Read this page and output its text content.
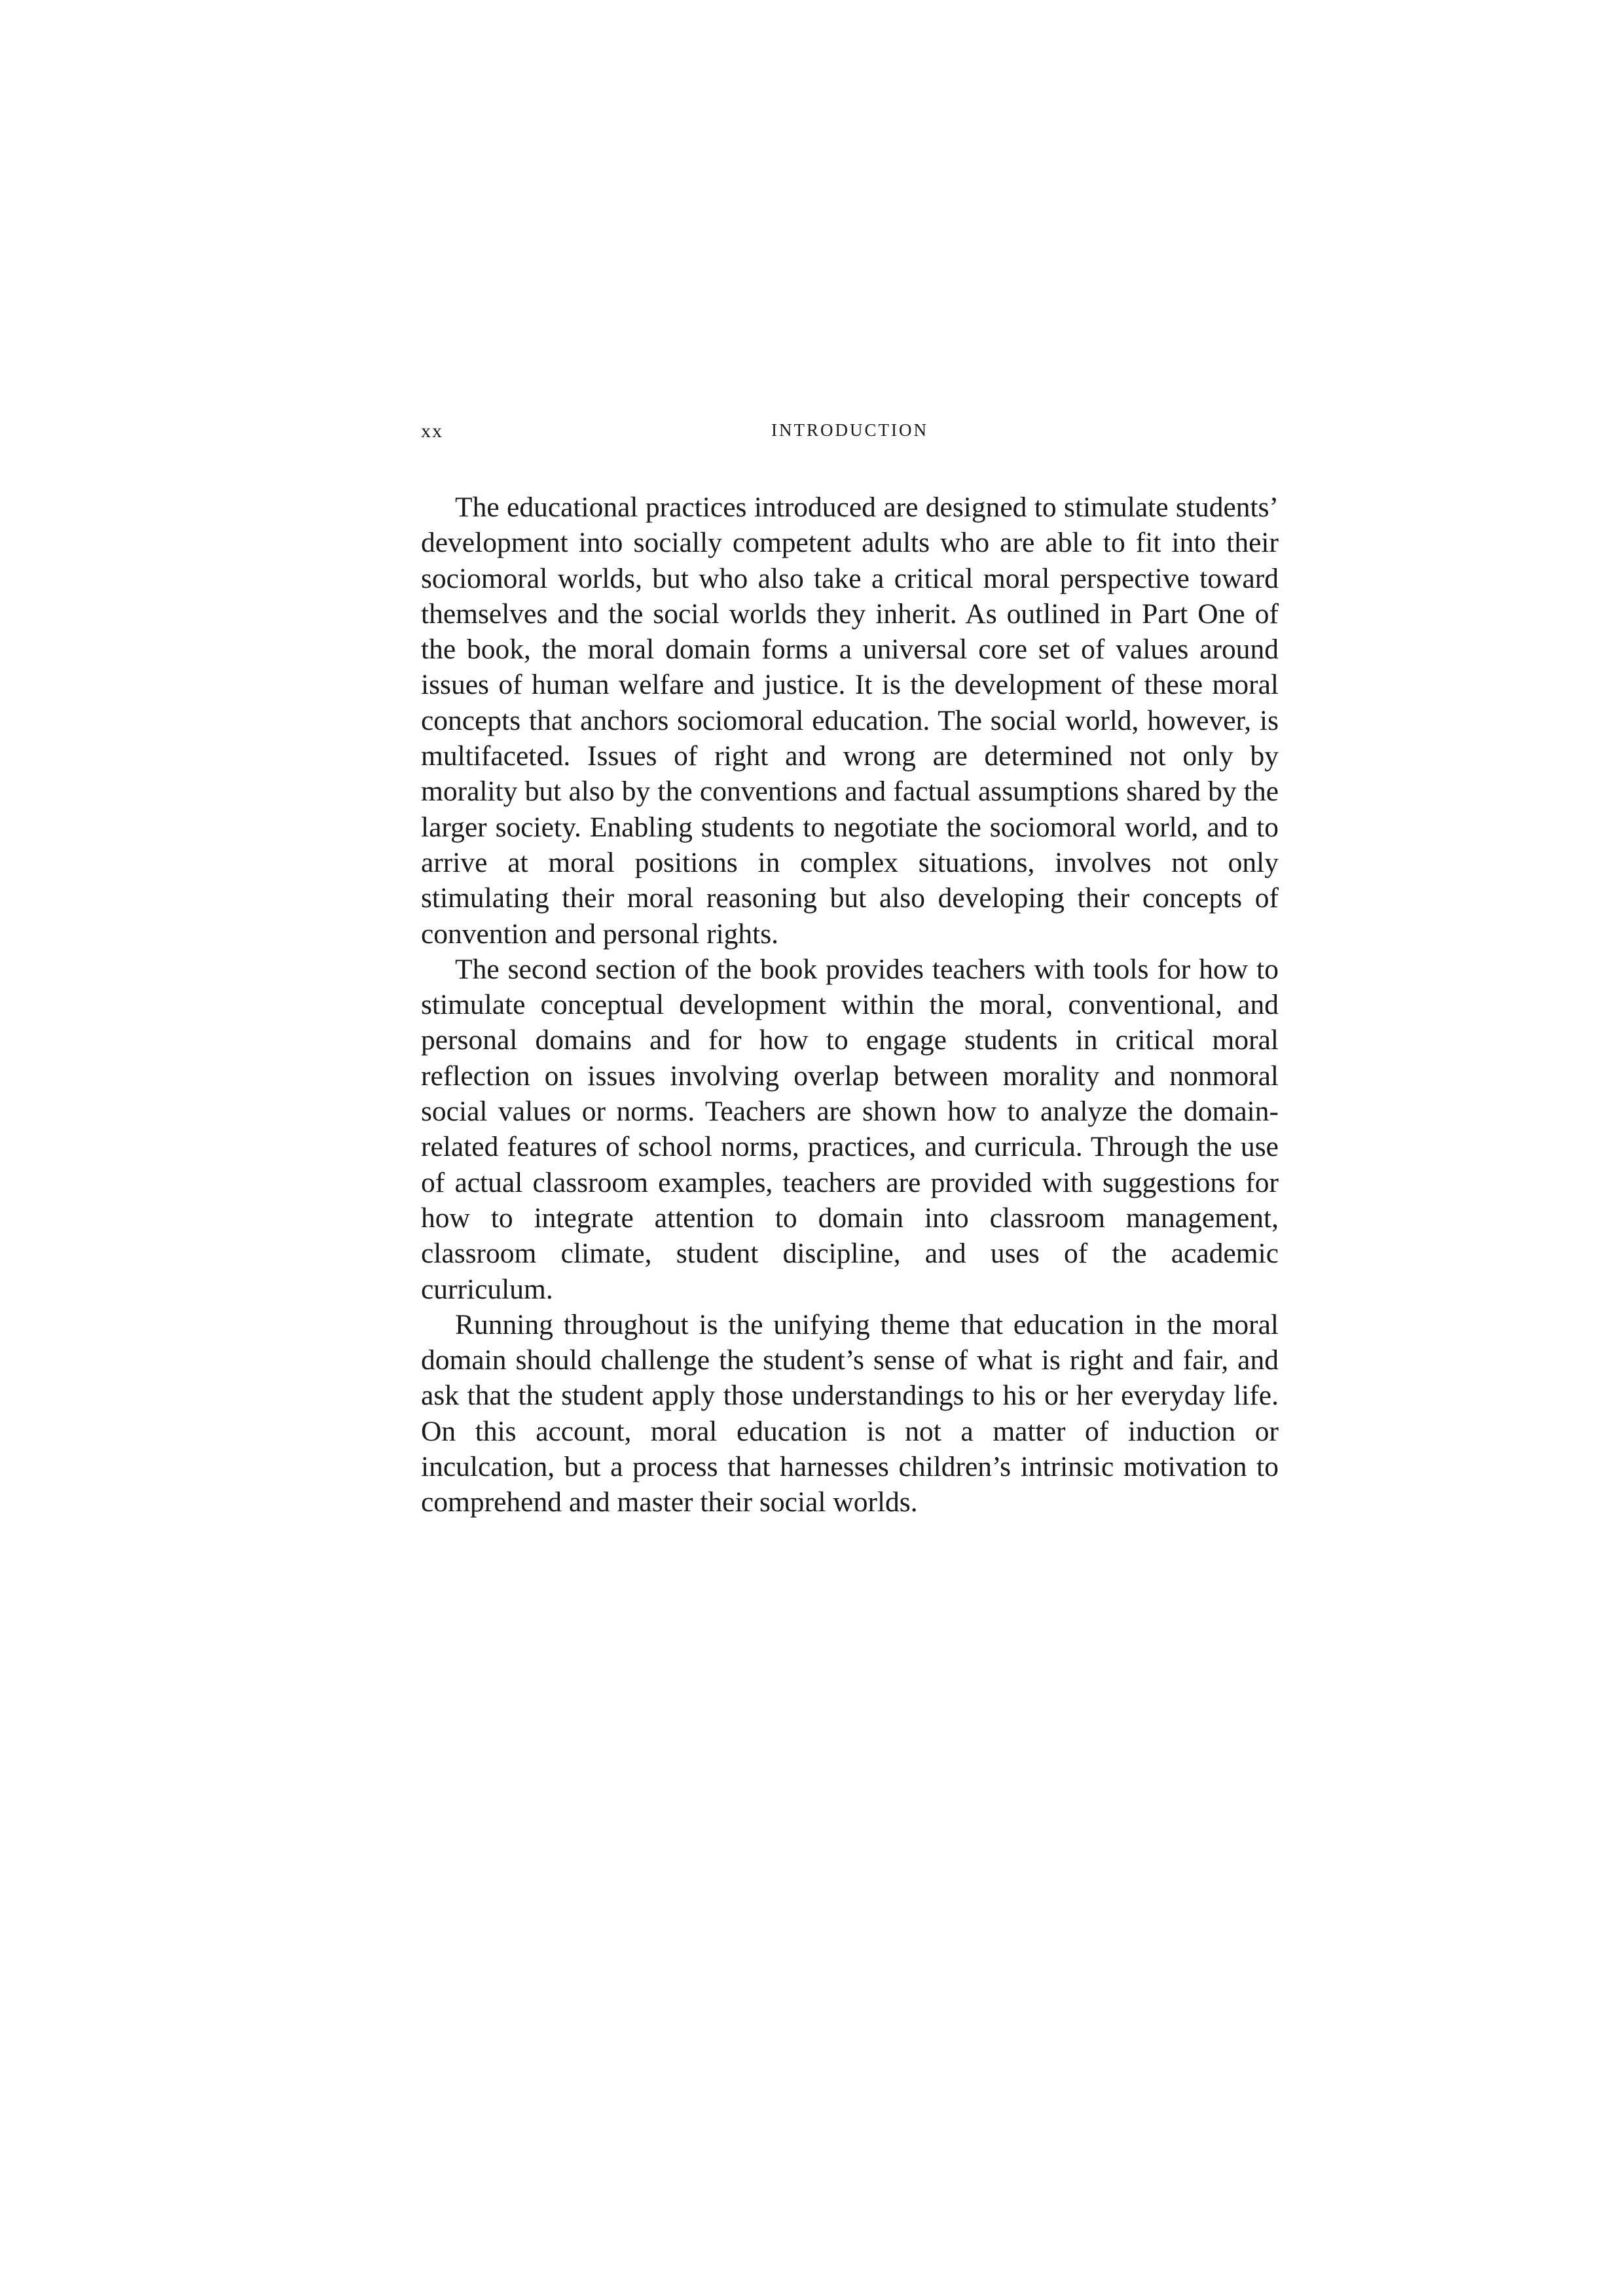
xx	INTRODUCTION

The educational practices introduced are designed to stimulate students’ development into socially competent adults who are able to fit into their sociomoral worlds, but who also take a critical moral perspective toward themselves and the social worlds they inherit. As outlined in Part One of the book, the moral domain forms a universal core set of values around issues of human welfare and justice. It is the development of these moral concepts that anchors sociomoral education. The social world, however, is multifaceted. Issues of right and wrong are determined not only by morality but also by the conventions and factual assumptions shared by the larger society. Enabling students to negotiate the sociomoral world, and to arrive at moral positions in complex situations, involves not only stimulating their moral reasoning but also developing their concepts of convention and personal rights.

The second section of the book provides teachers with tools for how to stimulate conceptual development within the moral, conventional, and personal domains and for how to engage students in critical moral reflection on issues involving overlap between morality and nonmoral social values or norms. Teachers are shown how to analyze the domain-related features of school norms, practices, and curricula. Through the use of actual classroom examples, teachers are provided with suggestions for how to integrate attention to domain into classroom management, classroom climate, student discipline, and uses of the academic curriculum.

Running throughout is the unifying theme that education in the moral domain should challenge the student’s sense of what is right and fair, and ask that the student apply those understandings to his or her everyday life. On this account, moral education is not a matter of induction or inculcation, but a process that harnesses children’s intrinsic motivation to comprehend and master their social worlds.
